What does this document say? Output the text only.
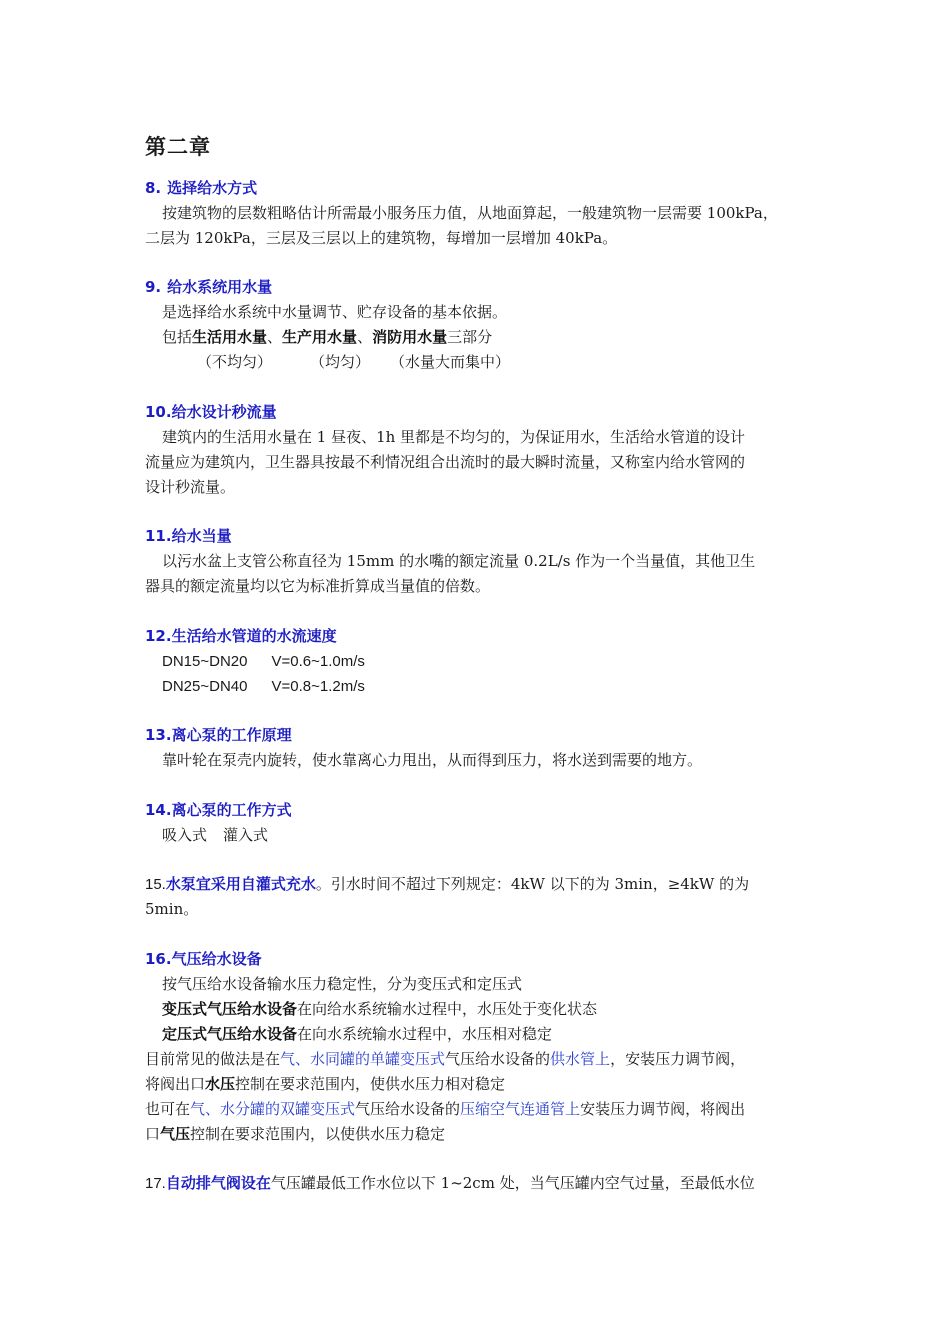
第二章
8. 选择给水方式
按建筑物的层数粗略估计所需最小服务压力值，从地面算起，一般建筑物一层需要 100kPa，
二层为 120kPa，三层及三层以上的建筑物，每增加一层增加 40kPa。
9. 给水系统用水量
是选择给水系统中水量调节、贮存设备的基本依据。
包括生活用水量、生产用水量、消防用水量三部分
（不均匀）	（均匀） （水量大而集中）
10.给水设计秒流量
建筑内的生活用水量在 1 昼夜、1h 里都是不均匀的，为保证用水，生活给水管道的设计
流量应为建筑内，卫生器具按最不利情况组合出流时的最大瞬时流量，又称室内给水管网的
设计秒流量。
11.给水当量
以污水盆上支管公称直径为 15mm 的水嘴的额定流量 0.2L/s 作为一个当量值，其他卫生
器具的额定流量均以它为标准折算成当量值的倍数。
12.生活给水管道的水流速度
DN15~DN20 V=0.6~1.0m/s
DN25~DN40 V=0.8~1.2m/s
13.离心泵的工作原理
靠叶轮在泵壳内旋转，使水靠离心力甩出，从而得到压力，将水送到需要的地方。
14.离心泵的工作方式
吸入式 灌入式
15.水泵宜采用自灌式充水。引水时间不超过下列规定：4kW 以下的为 3min，≥4kW 的为
5min。
16.气压给水设备
按气压给水设备输水压力稳定性，分为变压式和定压式
变压式气压给水设备在向给水系统输水过程中，水压处于变化状态
定压式气压给水设备在向水系统输水过程中，水压相对稳定
目前常见的做法是在气、水同罐的单罐变压式气压给水设备的供水管上，安装压力调节阀，
将阀出口水压控制在要求范围内，使供水压力相对稳定
也可在气、水分罐的双罐变压式气压给水设备的压缩空气连通管上安装压力调节阀，将阀出
口气压控制在要求范围内，以使供水压力稳定
17.自动排气阀设在气压罐最低工作水位以下 1~2cm 处，当气压罐内空气过量，至最低水位
